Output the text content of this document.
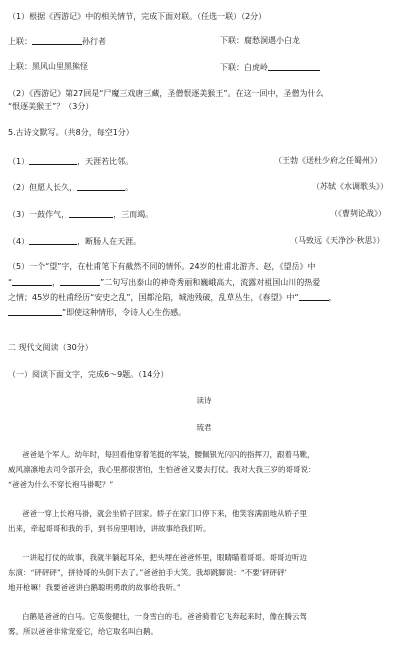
（1）根据《西游记》中的相关情节，完成下面对联。（任选一联）（2分）
上联：	孙行者	下联：腐愁洞遇小白龙
上联：黑风山里黑熊怪	下联：白虎岭
（2）《西游记》第27回是“尸魔三戏唐三藏，圣僧恨逐美猴王”。在这一回中，圣僧为什么
“恨逐美猴王”？（3分）
5.古诗文默写。（共8分，每空1分）
（1）	，天涯若比邻。	（王勃《送杜少府之任蜀州》）
（2）但愿人长久，	。	（苏轼《水调歌头》）
（3）一鼓作气，	，三而竭。	（《曹刿论战》）
（4）	，断肠人在天涯。	（马致远《天净沙·秋思》）
（5）一个“望”字，在杜甫笔下有截然不同的情怀。24岁的杜甫北游齐、赵，《望岳》中
“	，	”二句写出泰山的神奇秀丽和巍峨高大，流露对祖国山川的热爱
之情；45岁的杜甫经历“安史之乱”，国都沦陷，城池残破，乱草丛生，《春望》中“	，
”即使这种情形，令诗人心生伤感。
二 现代文阅读（30分）
（一）阅读下面文字，完成6～9题。（14分）
读诗
琉君
爸爸是个军人。幼年时，每回看他穿着笔挺的军装，腰佩银光闪闪的指挥刀，跟着马靴，
威风凛凛地去司令部开会，我心里都很害怕，生怕爸爸又要去打仗。我对大我三岁的哥哥说：
“爸爸为什么不穿长袍马褂呢？”
爸爸一穿上长袍马褂，就会坐轿子回家。轿子在家门口停下来，他笑容满面地从轿子里
出来，牵起哥哥和我的手，到书房里唱诗，讲故事给我们听。
一讲起打仗的故事，我就半躺起耳朵，把头埋在爸爸怀里，眼睛瞄着哥哥。哥哥边听边
东演：“砰砰砰”，拼待哥的头倒下去了。”爸爸拍手大笑。我却跳脚说：“不要‘砰砰砰’
地开枪嘛！我要爸爸讲白鹅聪明勇敢的故事给我听。”
白鹅是爸爸的白马。它英俊健壮，一身雪白的毛。爸爸骑着它飞奔起来时，像在腾云驾
雾。所以爸爸非常宠爱它，给它取名叫白鹅。
